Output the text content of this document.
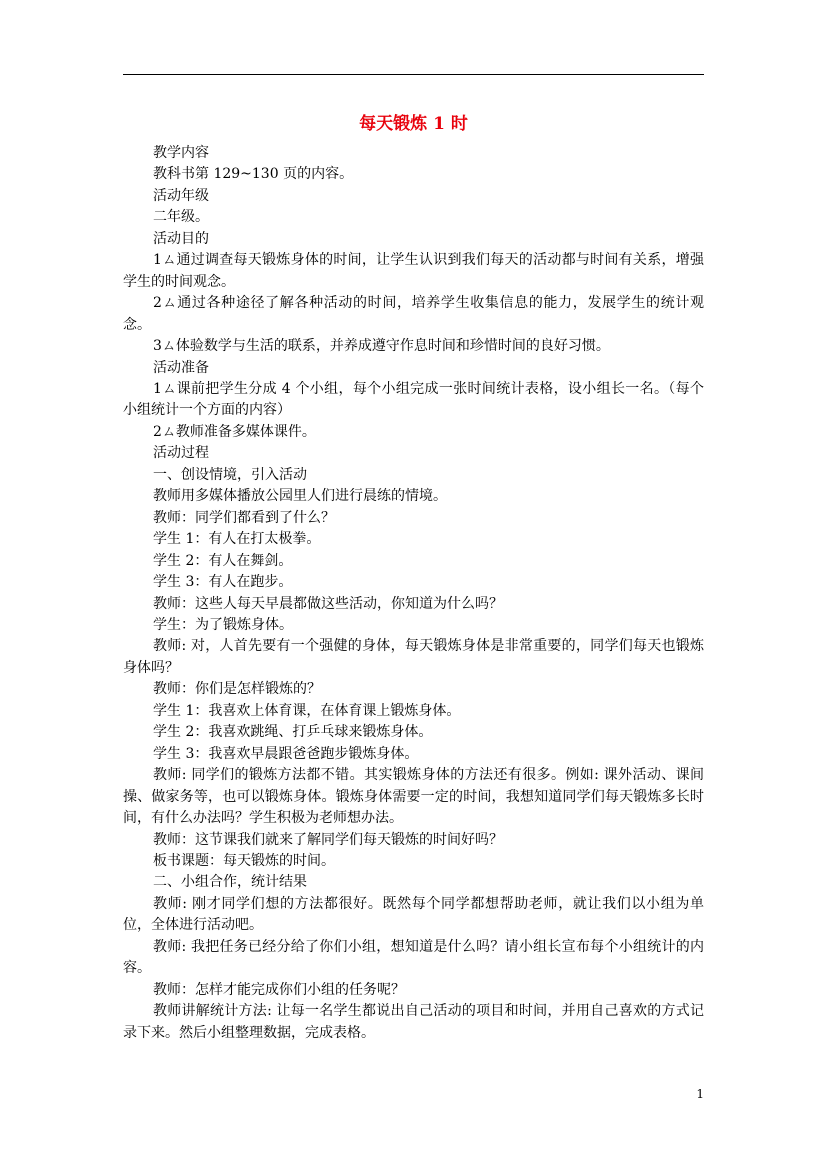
每天锻炼 1 时

教学内容

教科书第 129~130 页的内容。

活动年级

二年级。

活动目的

1ㄙ通过调查每天锻炼身体的时间，让学生认识到我们每天的活动都与时间有关系，增强学生的时间观念。

2ㄙ通过各种途径了解各种活动的时间，培养学生收集信息的能力，发展学生的统计观念。

3ㄙ体验数学与生活的联系，并养成遵守作息时间和珍惜时间的良好习惯。

活动准备

1ㄙ课前把学生分成 4 个小组，每个小组完成一张时间统计表格，设小组长一名。（每个小组统计一个方面的内容）

2ㄙ教师准备多媒体课件。

活动过程

一、创设情境，引入活动

教师用多媒体播放公园里人们进行晨练的情境。

教师：同学们都看到了什么？

学生 1：有人在打太极拳。

学生 2：有人在舞剑。

学生 3：有人在跑步。

教师：这些人每天早晨都做这些活动，你知道为什么吗？

学生：为了锻炼身体。

教师: 对，人首先要有一个强健的身体，每天锻炼身体是非常重要的，同学们每天也锻炼身体吗？

教师：你们是怎样锻炼的？

学生 1：我喜欢上体育课，在体育课上锻炼身体。

学生 2：我喜欢跳绳、打乒乓球来锻炼身体。

学生 3：我喜欢早晨跟爸爸跑步锻炼身体。

教师: 同学们的锻炼方法都不错。其实锻炼身体的方法还有很多。例如: 课外活动、课间操、做家务等，也可以锻炼身体。锻炼身体需要一定的时间，我想知道同学们每天锻炼多长时间，有什么办法吗？学生积极为老师想办法。

教师：这节课我们就来了解同学们每天锻炼的时间好吗？

板书课题：每天锻炼的时间。

二、小组合作，统计结果

教师: 刚才同学们想的方法都很好。既然每个同学都想帮助老师，就让我们以小组为单位，全体进行活动吧。

教师: 我把任务已经分给了你们小组，想知道是什么吗？请小组长宣布每个小组统计的内容。

教师：怎样才能完成你们小组的任务呢？

教师讲解统计方法: 让每一名学生都说出自己活动的项目和时间，并用自己喜欢的方式记录下来。然后小组整理数据，完成表格。

1
